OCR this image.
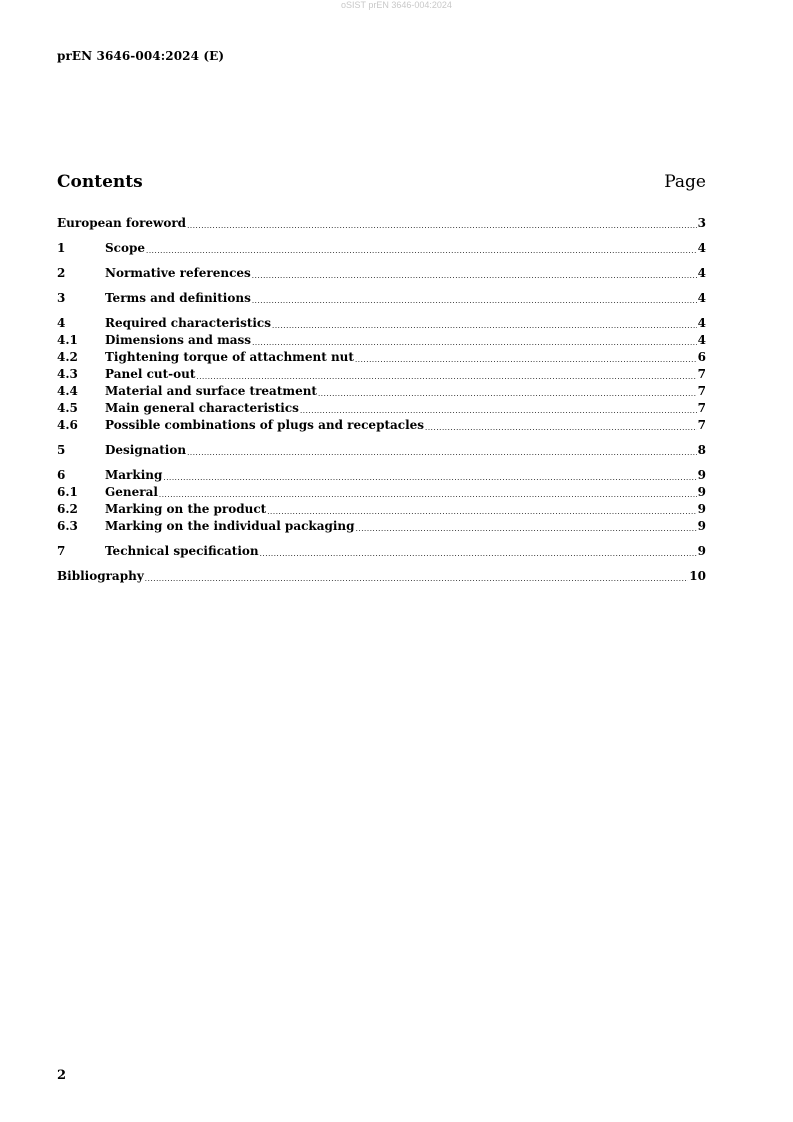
oSIST prEN 3646-004:2024
prEN 3646-004:2024 (E)
Contents	Page
European foreword .....	3
1	Scope .....	4
2	Normative references .....	4
3	Terms and definitions .....	4
4	Required characteristics .....	4
4.1	Dimensions and mass .....	4
4.2	Tightening torque of attachment nut .....	6
4.3	Panel cut-out .....	7
4.4	Material and surface treatment .....	7
4.5	Main general characteristics .....	7
4.6	Possible combinations of plugs and receptacles .....	7
5	Designation .....	8
6	Marking .....	9
6.1	General .....	9
6.2	Marking on the product .....	9
6.3	Marking on the individual packaging .....	9
7	Technical specification .....	9
Bibliography .....	10
2
